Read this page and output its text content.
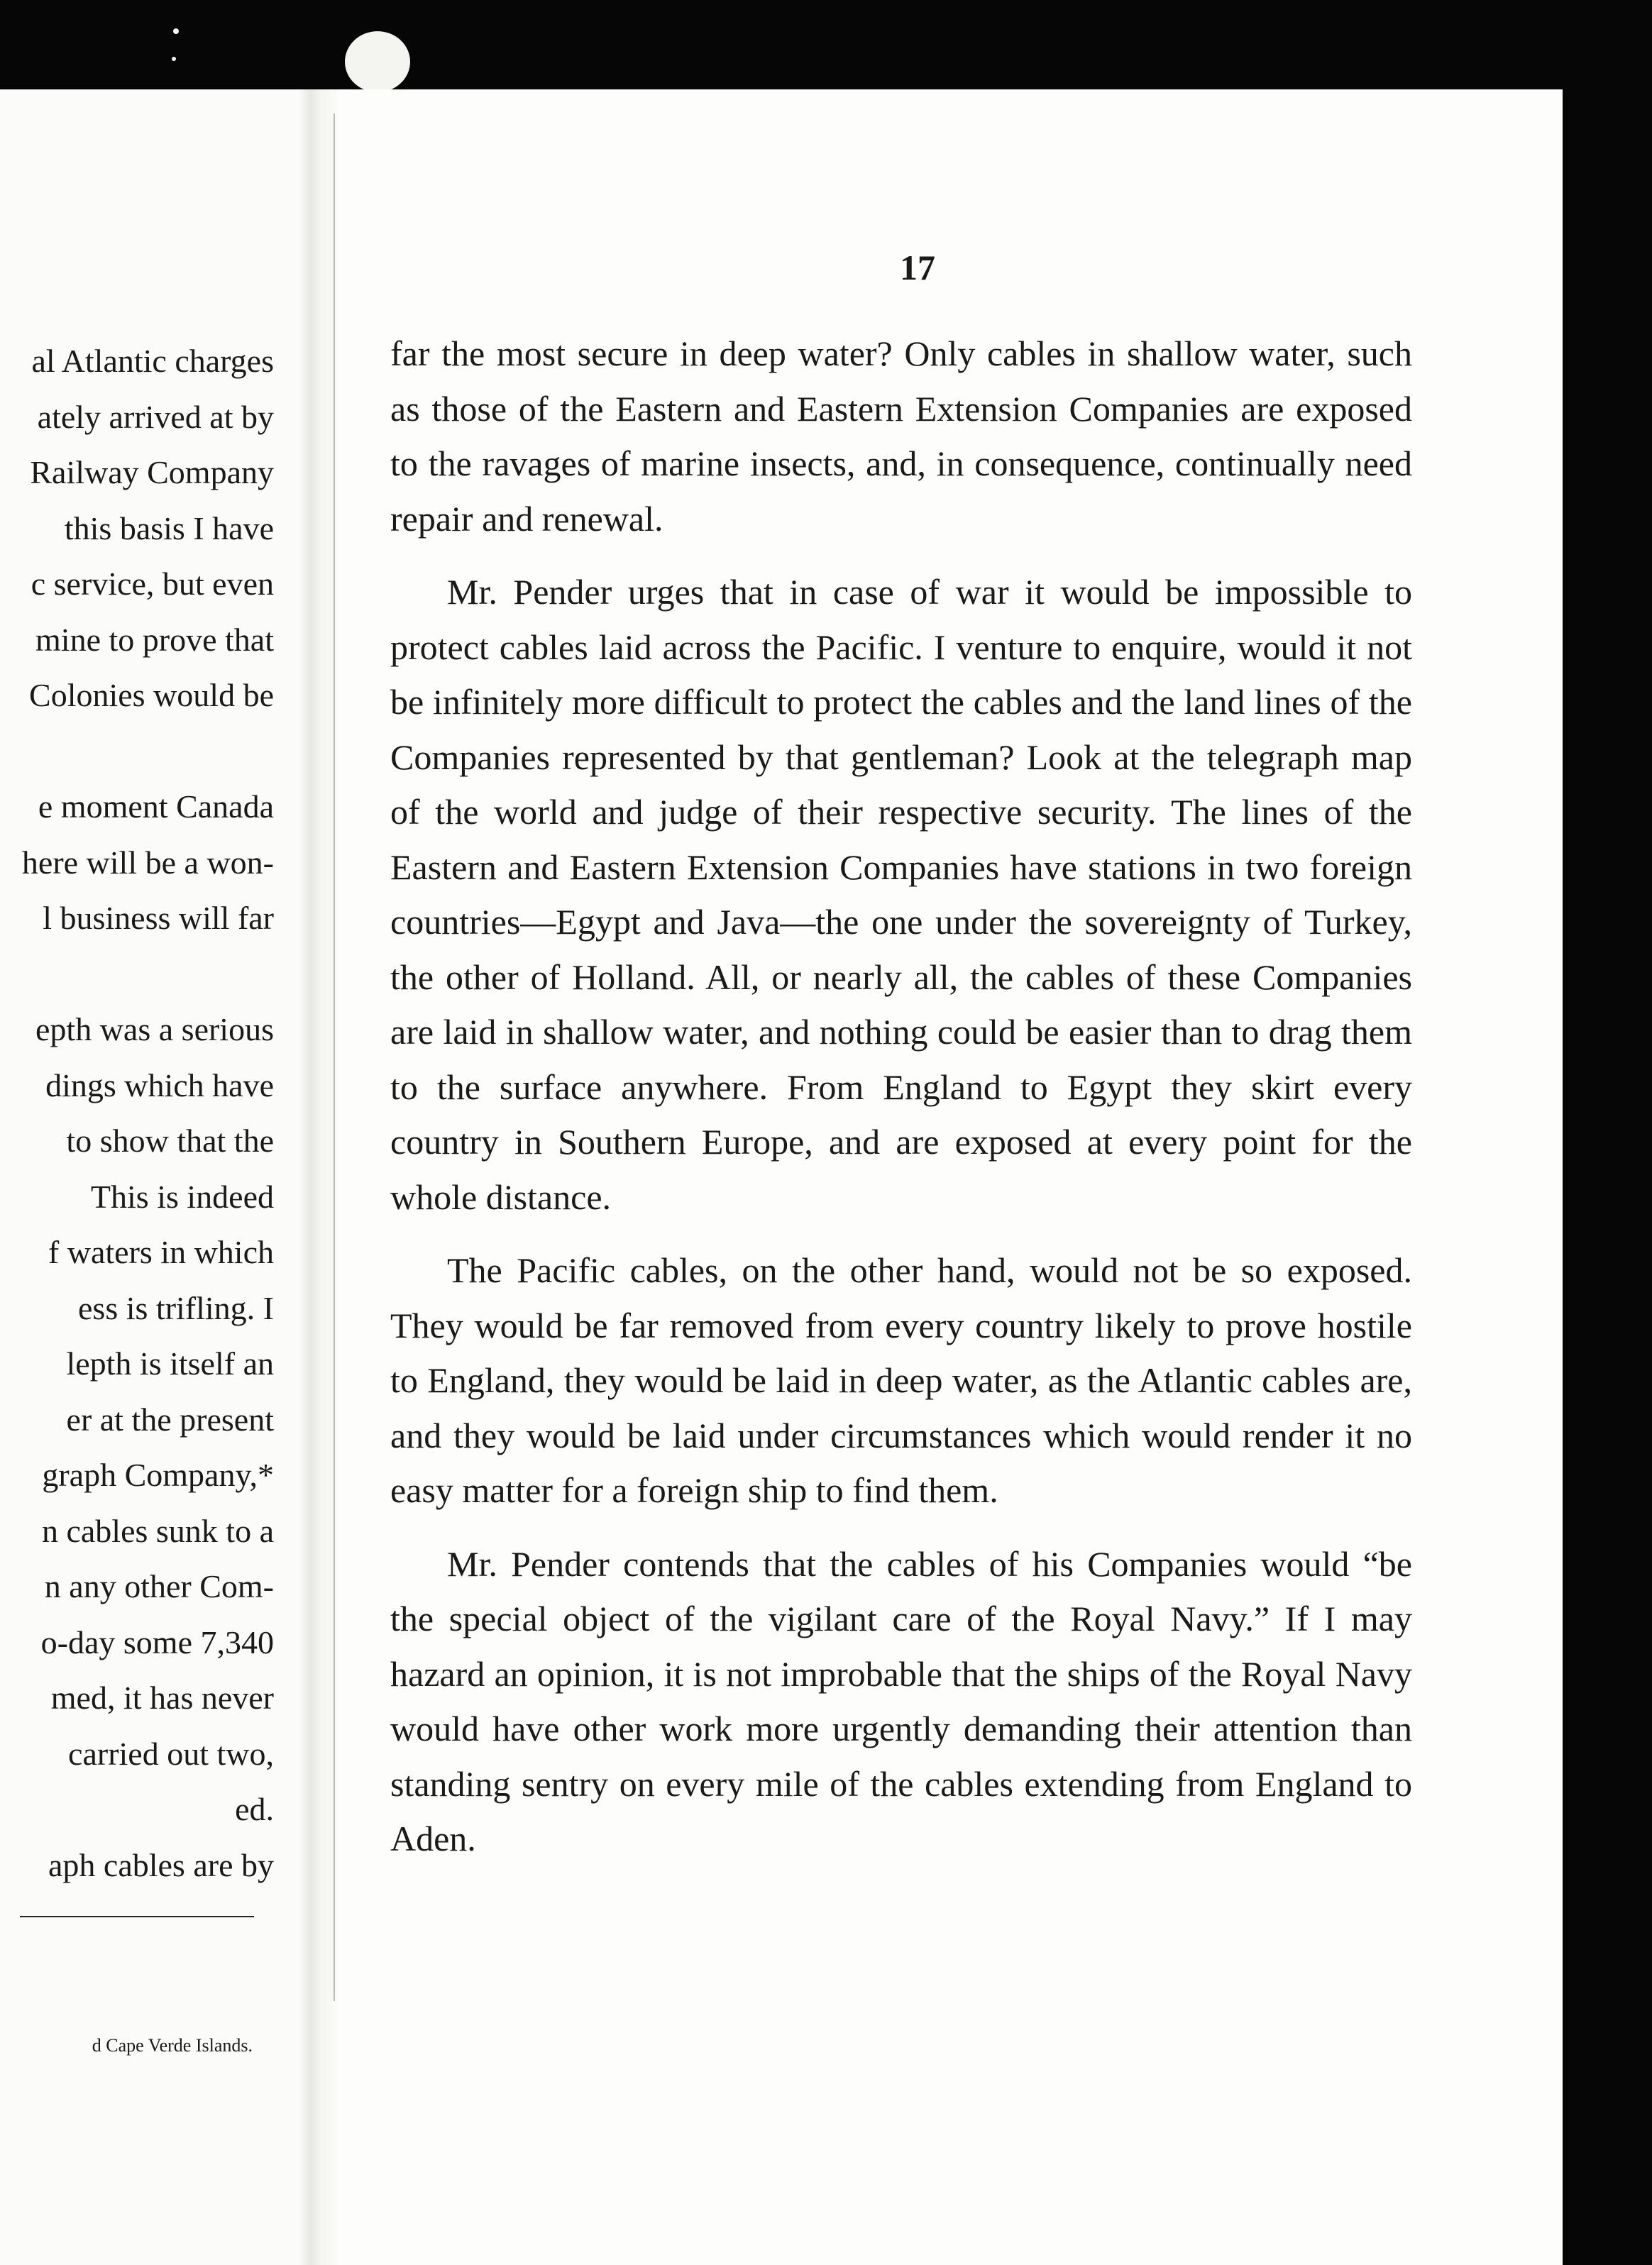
al Atlantic charges
ately arrived at by
Railway Company
this basis I have
c service, but even
mine to prove that
Colonies would be
e moment Canada
here will be a won-
l business will far
epth was a serious
dings which have
to show that the
This is indeed
f waters in which
ess is trifling. I
lepth is itself an
er at the present
graph Company,*
n cables sunk to a
n any other Com-
o-day some 7,340
med, it has never
carried out two,
ed.
aph cables are by
d Cape Verde Islands.
17

far the most secure in deep water? Only cables in shallow water, such as those of the Eastern and Eastern Extension Companies are exposed to the ravages of marine insects, and, in consequence, continually need repair and renewal.

Mr. Pender urges that in case of war it would be impossible to protect cables laid across the Pacific. I venture to enquire, would it not be infinitely more difficult to protect the cables and the land lines of the Companies represented by that gentleman? Look at the telegraph map of the world and judge of their respective security. The lines of the Eastern and Eastern Extension Companies have stations in two foreign countries—Egypt and Java—the one under the sovereignty of Turkey, the other of Holland. All, or nearly all, the cables of these Companies are laid in shallow water, and nothing could be easier than to drag them to the surface anywhere. From England to Egypt they skirt every country in Southern Europe, and are exposed at every point for the whole distance.

The Pacific cables, on the other hand, would not be so exposed. They would be far removed from every country likely to prove hostile to England, they would be laid in deep water, as the Atlantic cables are, and they would be laid under circumstances which would render it no easy matter for a foreign ship to find them.

Mr. Pender contends that the cables of his Companies would “be the special object of the vigilant care of the Royal Navy.” If I may hazard an opinion, it is not improbable that the ships of the Royal Navy would have other work more urgently demanding their attention than standing sentry on every mile of the cables extending from England to Aden.
